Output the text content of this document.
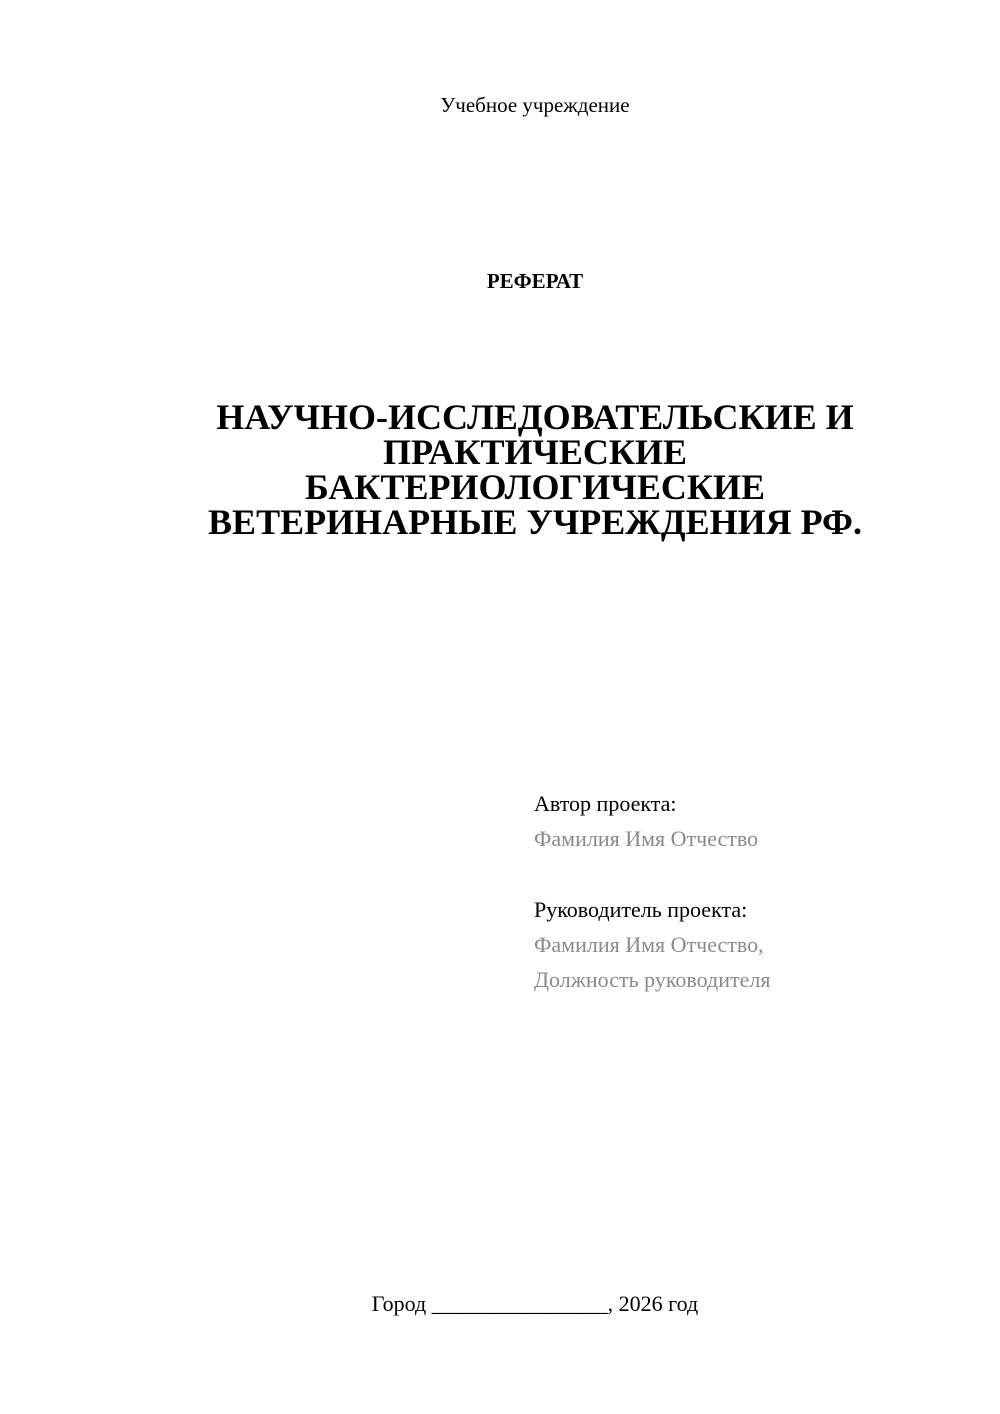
Учебное учреждение
РЕФЕРАТ
НАУЧНО-ИССЛЕДОВАТЕЛЬСКИЕ И
ПРАКТИЧЕСКИЕ
БАКТЕРИОЛОГИЧЕСКИЕ
ВЕТЕРИНАРНЫЕ УЧРЕЖДЕНИЯ РФ.
Автор проекта:
Фамилия Имя Отчество
Руководитель проекта:
Фамилия Имя Отчество,
Должность руководителя
Город ________________, 2026 год
